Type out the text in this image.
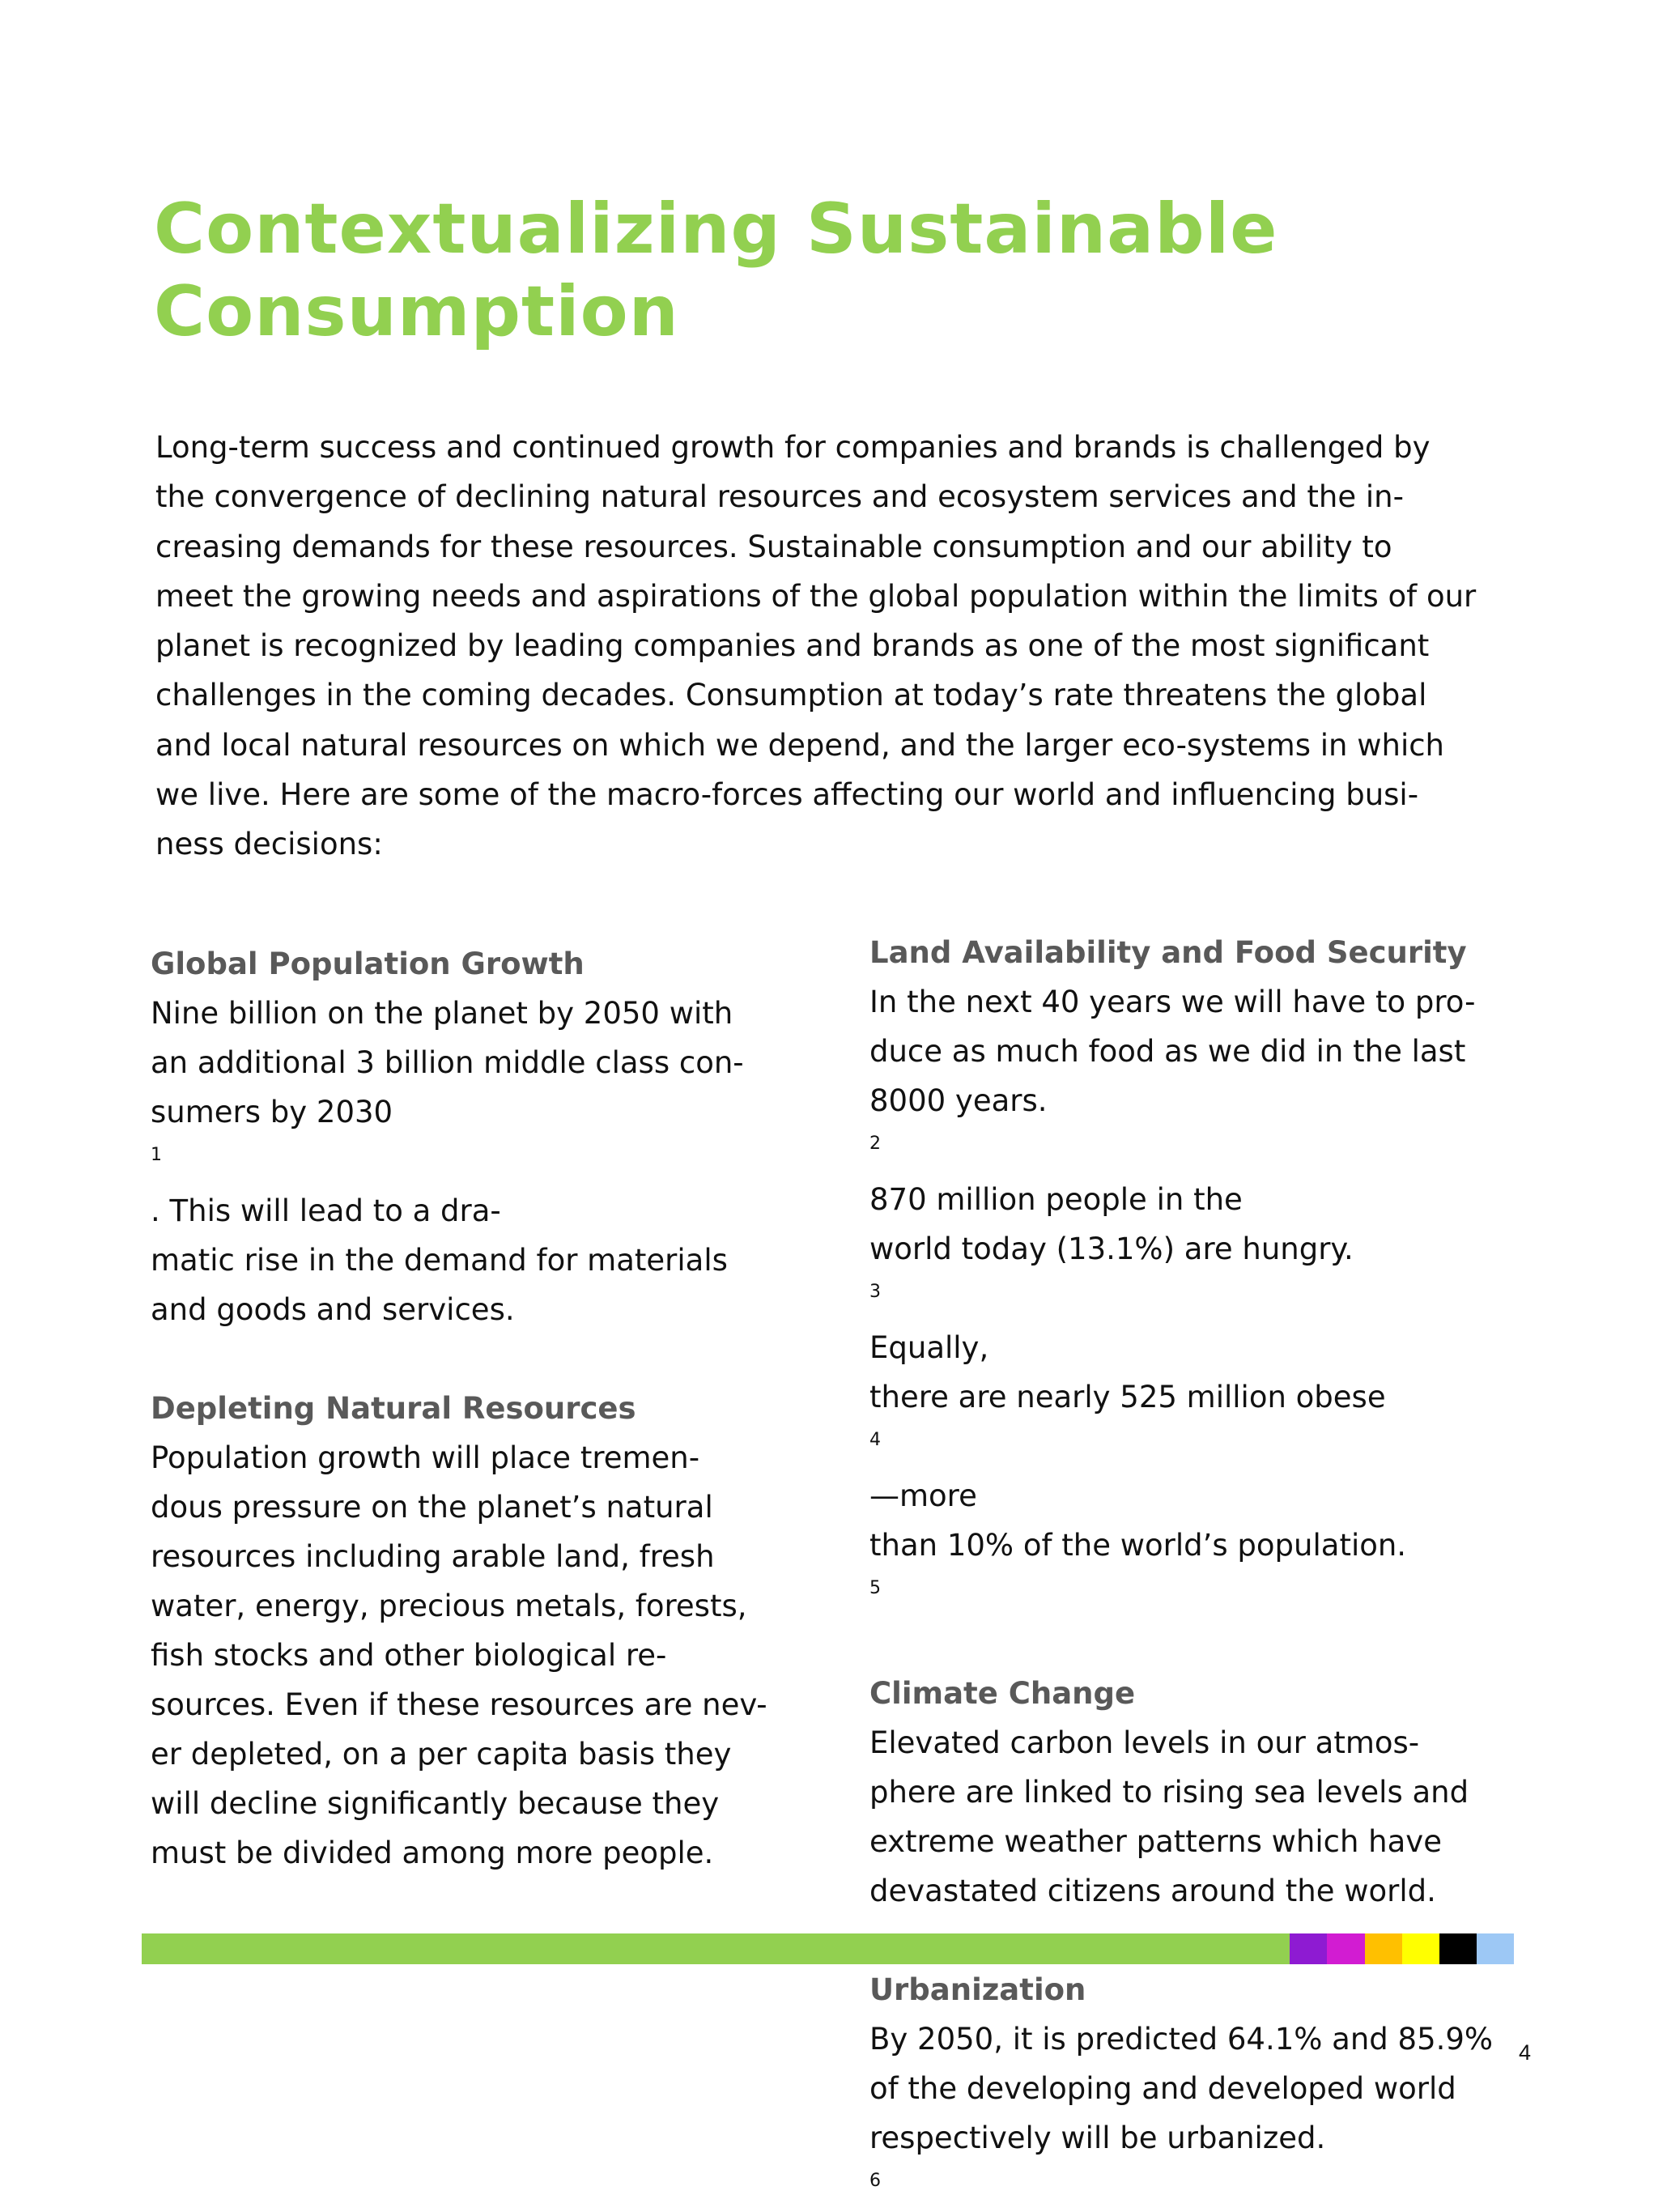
Contextualizing Sustainable
Consumption

Long-term success and continued growth for companies and brands is challenged by
the convergence of declining natural resources and ecosystem services and the in-
creasing demands for these resources. Sustainable consumption and our ability to
meet the growing needs and aspirations of the global population within the limits of our
planet is recognized by leading companies and brands as one of the most significant
challenges in the coming decades. Consumption at today’s rate threatens the global
and local natural resources on which we depend, and the larger eco-systems in which
we live. Here are some of the macro-forces affecting our world and influencing busi-
ness decisions:

Global Population Growth

Nine billion on the planet by 2050 with
an additional 3 billion middle class con-
sumers by 2030
$^1$
. This will lead to a dra-
matic rise in the demand for materials
and goods and services.

Depleting Natural Resources

Population growth will place tremen-
dous pressure on the planet’s natural
resources including arable land, fresh
water, energy, precious metals, forests,
fish stocks and other biological re-
sources. Even if these resources are nev-
er depleted, on a per capita basis they
will decline significantly because they
must be divided among more people.

Land Availability and Food Security

In the next 40 years we will have to pro-
duce as much food as we did in the last
8000 years.
$^2$
870 million people in the
world today (13.1%) are hungry.
$^3$
Equally,
there are nearly 525 million obese
$^4$
—more
than 10% of the world’s population.
$^5$

Climate Change

Elevated carbon levels in our atmos-
phere are linked to rising sea levels and
extreme weather patterns which have
devastated citizens around the world.

Urbanization

By 2050, it is predicted 64.1% and 85.9%
of the developing and developed world
respectively will be urbanized.
$^6$

4
